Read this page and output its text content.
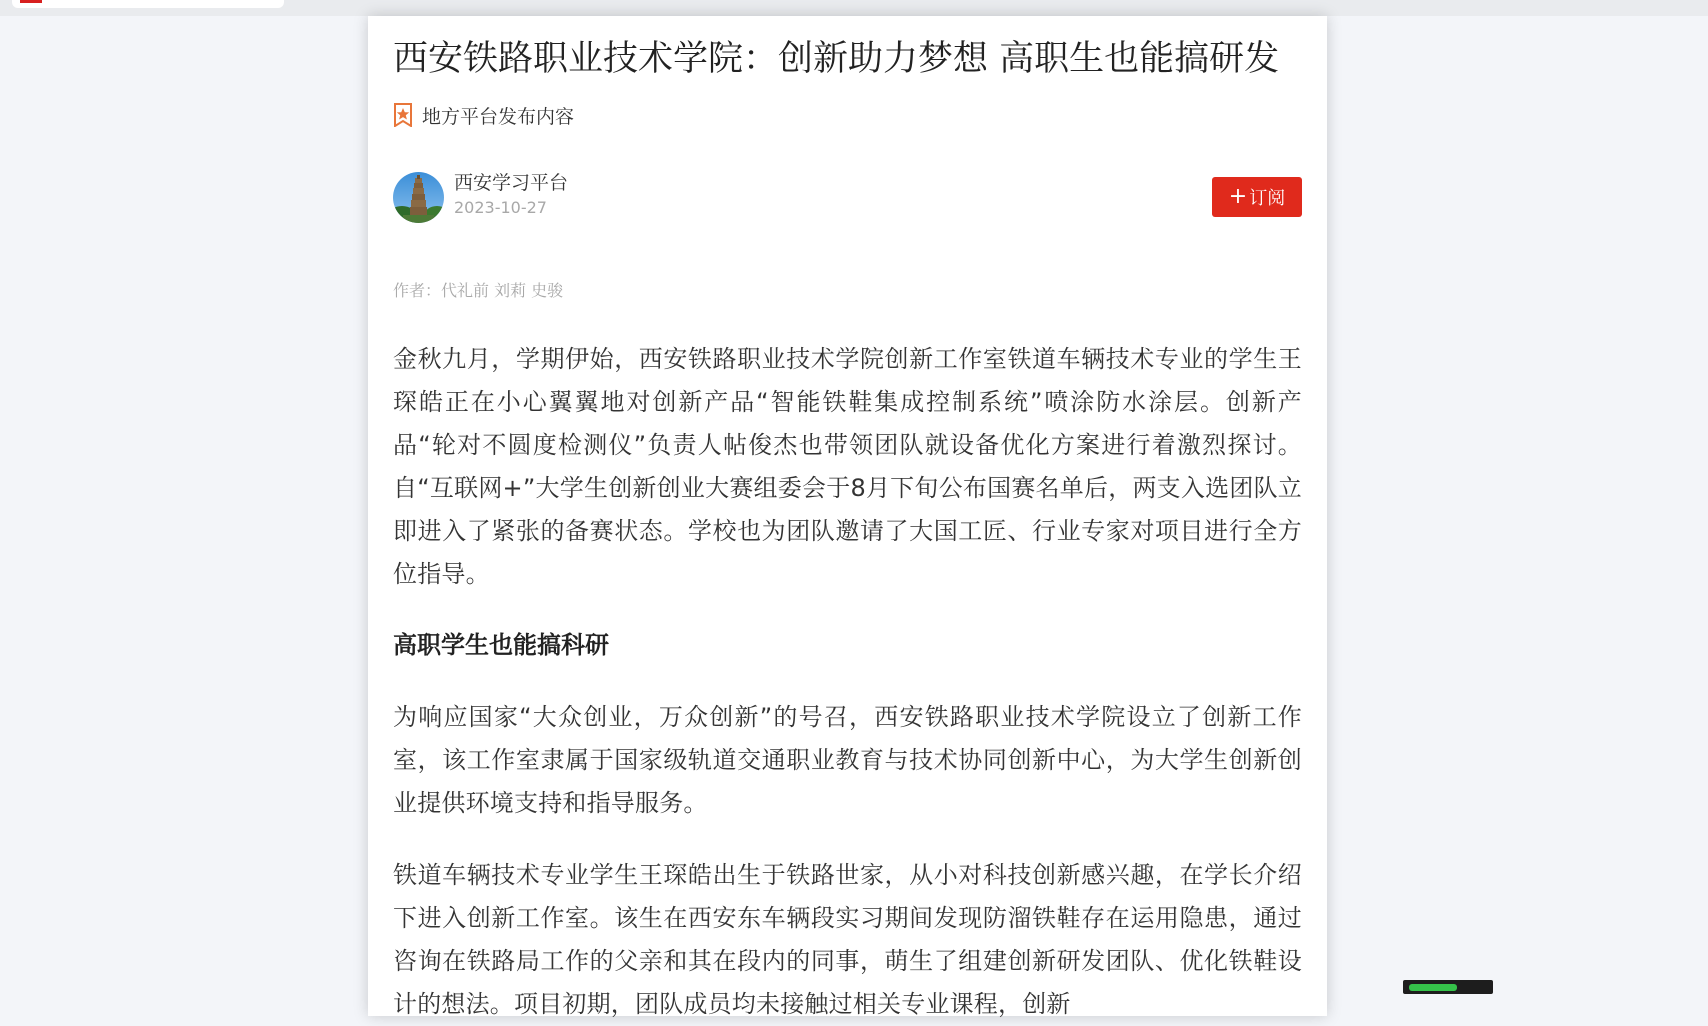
西安铁路职业技术学院：创新助力梦想 高职生也能搞研发
地方平台发布内容
西安学习平台
2023-10-27	+ 订阅
作者：代礼前 刘莉 史骏

金秋九月，学期伊始，西安铁路职业技术学院创新工作室铁道车辆技术专业的学生王琛皓正在小心翼翼地对创新产品“智能铁鞋集成控制系统”喷涂防水涂层。创新产品“轮对不圆度检测仪”负责人帖俊杰也带领团队就设备优化方案进行着激烈探讨。自“互联网+”大学生创新创业大赛组委会于8月下旬公布国赛名单后，两支入选团队立即进入了紧张的备赛状态。学校也为团队邀请了大国工匠、行业专家对项目进行全方位指导。

高职学生也能搞科研

为响应国家“大众创业，万众创新”的号召，西安铁路职业技术学院设立了创新工作室，该工作室隶属于国家级轨道交通职业教育与技术协同创新中心，为大学生创新创业提供环境支持和指导服务。

铁道车辆技术专业学生王琛皓出生于铁路世家，从小对科技创新感兴趣，在学长介绍下进入创新工作室。该生在西安东车辆段实习期间发现防溜铁鞋存在运用隐患，通过咨询在铁路局工作的父亲和其在段内的同事，萌生了组建创新研发团队、优化铁鞋设计的想法。项目初期，团队成员均未接触过相关专业课程，创新
